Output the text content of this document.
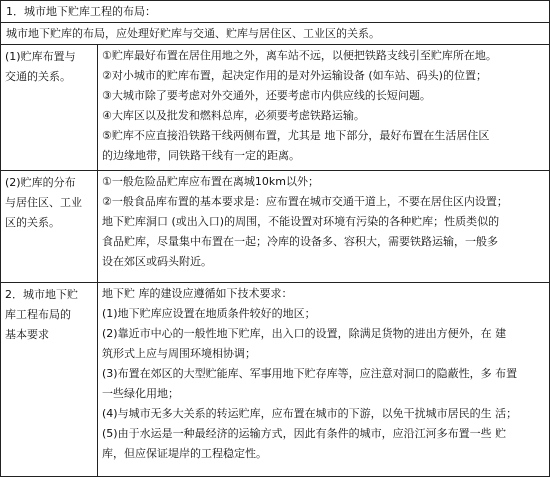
1．城市地下贮库工程的布局：
城市地下贮库的布局，应处理好贮库与交通、贮库与居住区、工业区的关系。
(1)贮库布置与
交通的关系。
①贮库最好布置在居住用地之外，离车站不远，以便把铁路支线引至贮库所在地。
②对小城市的贮库布置，起决定作用的是对外运输设备 (如车站、码头)的位置；
③大城市除了要考虑对外交通外，还要考虑市内供应线的长短问题。
④大库区以及批发和燃料总库，必须要考虑铁路运输。
⑤贮库不应直接沿铁路干线两侧布置，尤其是 地下部分，最好布置在生活居住区
的边缘地带，同铁路干线有一定的距离。
(2)贮库的分布
与居住区、工业
区的关系。
①一般危险品贮库应布置在离城10km以外；
②一般食品库布置的基本要求是：应布置在城市交通干道上，不要在居住区内设置；
地下贮库洞口 (或出入口)的周围，不能设置对环境有污染的各种贮库；性质类似的
食品贮库，尽量集中布置在一起；冷库的设备多、容积大，需要铁路运输，一般多
设在郊区或码头附近。
2．城市地下贮
库工程布局的
基本要求
地下贮 库的建设应遵循如下技术要求：
(1)地下贮库应设置在地质条件较好的地区；
(2)靠近市中心的一般性地下贮库，出入口的设置，除满足货物的进出方便外，在 建
筑形式上应与周围环境相协调；
(3)布置在郊区的大型贮能库、军事用地下贮存库等，应注意对洞口的隐蔽性，多 布置
一些绿化用地；
(4)与城市无多大关系的转运贮库，应布置在城市的下游，以免干扰城市居民的生 活；
(5)由于水运是一种最经济的运输方式，因此有条件的城市，应沿江河多布置一些 贮
库，但应保证堤岸的工程稳定性。
